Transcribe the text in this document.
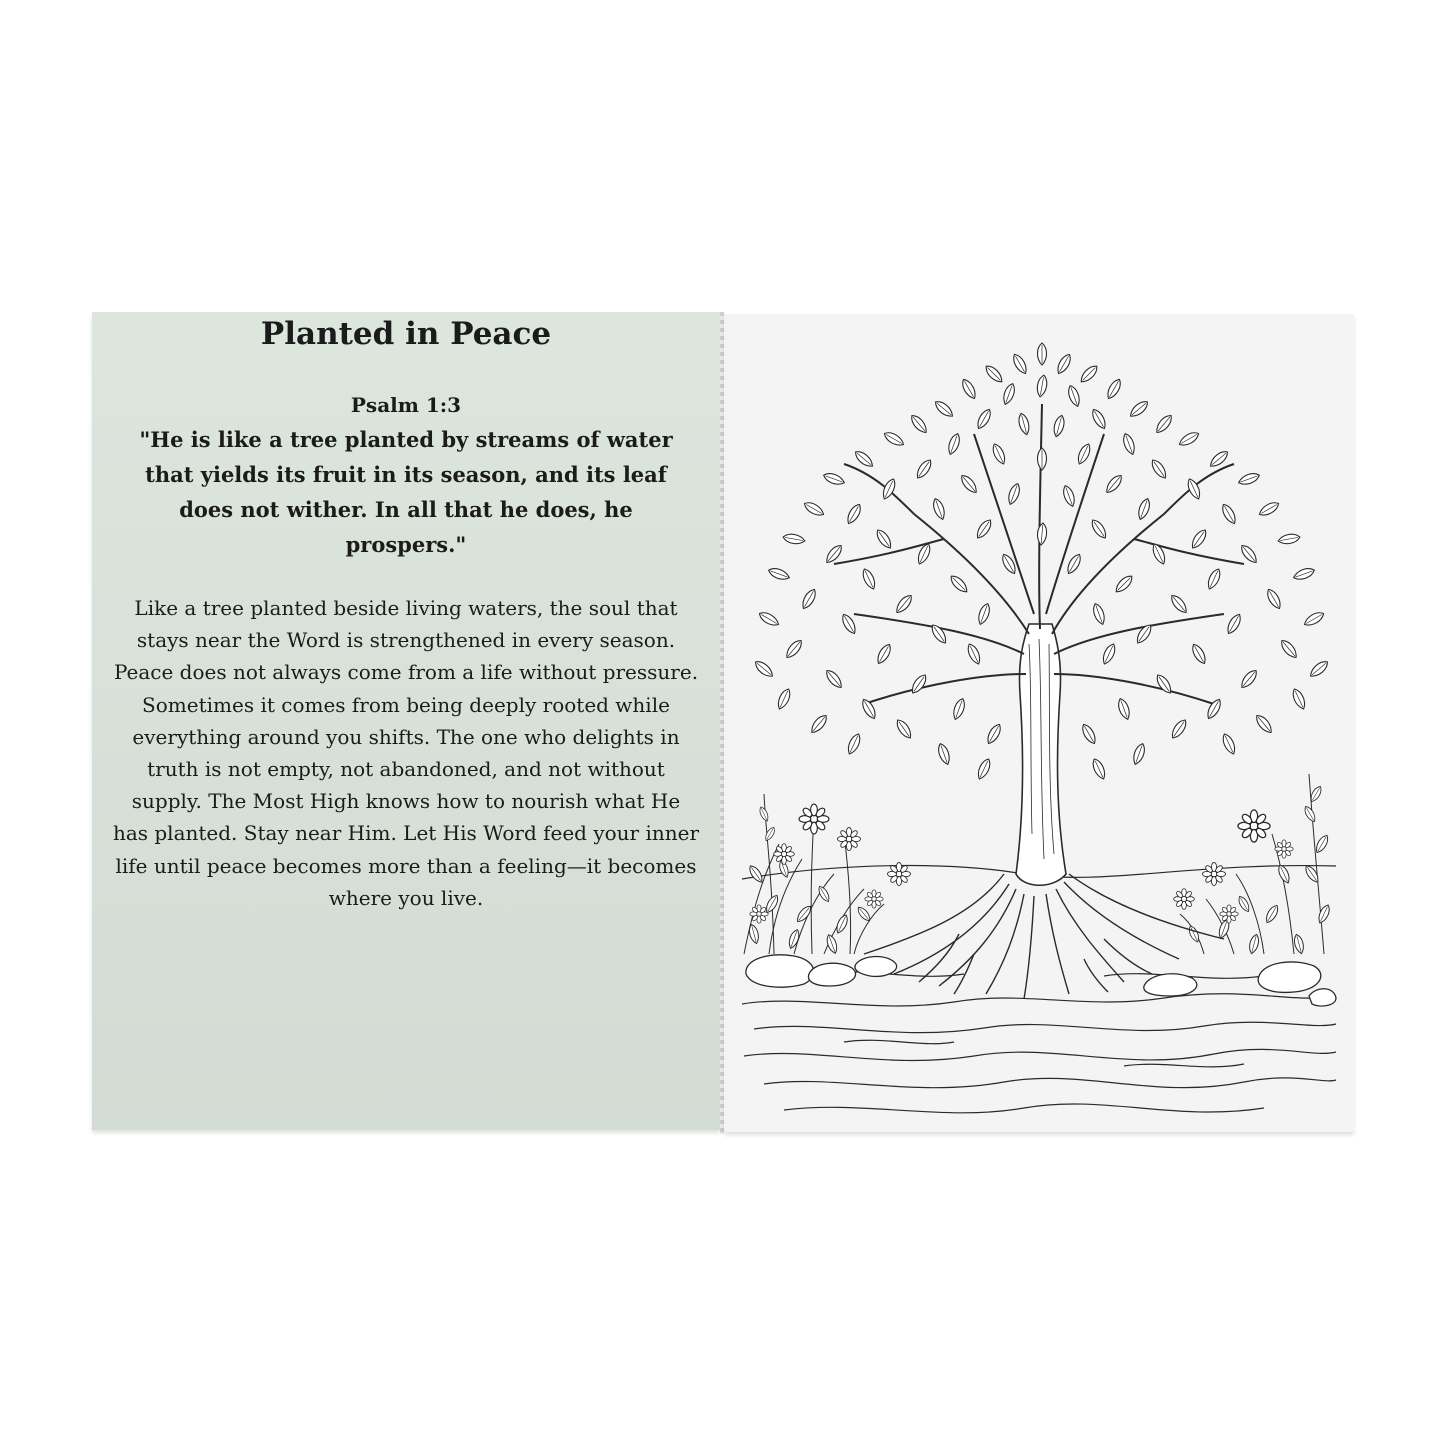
Planted in Peace
Psalm 1:3
"He is like a tree planted by streams of water that yields its fruit in its season, and its leaf does not wither. In all that he does, he prospers."
Like a tree planted beside living waters, the soul that stays near the Word is strengthened in every season. Peace does not always come from a life without pressure. Sometimes it comes from being deeply rooted while everything around you shifts. The one who delights in truth is not empty, not abandoned, and not without supply. The Most High knows how to nourish what He has planted. Stay near Him. Let His Word feed your inner life until peace becomes more than a feeling—it becomes where you live.
